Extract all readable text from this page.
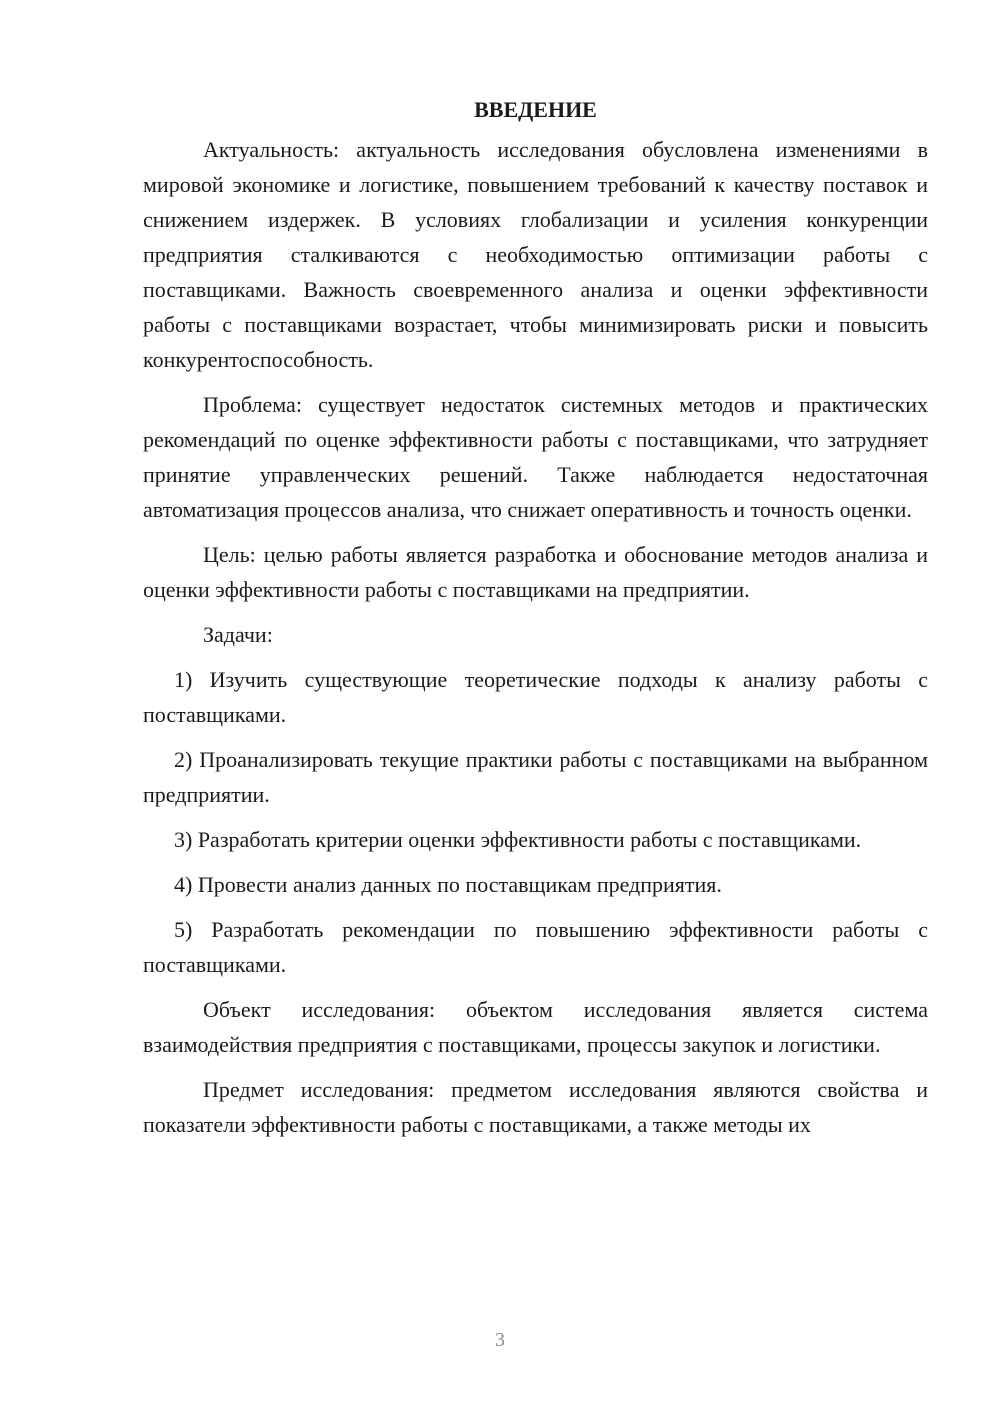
ВВЕДЕНИЕ

Актуальность: актуальность исследования обусловлена изменениями в мировой экономике и логистике, повышением требований к качеству поставок и снижением издержек. В условиях глобализации и усиления конкуренции предприятия сталкиваются с необходимостью оптимизации работы с поставщиками. Важность своевременного анализа и оценки эффективности работы с поставщиками возрастает, чтобы минимизировать риски и повысить конкурентоспособность.

Проблема: существует недостаток системных методов и практических рекомендаций по оценке эффективности работы с поставщиками, что затрудняет принятие управленческих решений. Также наблюдается недостаточная автоматизация процессов анализа, что снижает оперативность и точность оценки.

Цель: целью работы является разработка и обоснование методов анализа и оценки эффективности работы с поставщиками на предприятии.

Задачи:

1) Изучить существующие теоретические подходы к анализу работы с поставщиками.

2) Проанализировать текущие практики работы с поставщиками на выбранном предприятии.

3) Разработать критерии оценки эффективности работы с поставщиками.

4) Провести анализ данных по поставщикам предприятия.

5) Разработать рекомендации по повышению эффективности работы с поставщиками.

Объект исследования: объектом исследования является система взаимодействия предприятия с поставщиками, процессы закупок и логистики.

Предмет исследования: предметом исследования являются свойства и показатели эффективности работы с поставщиками, а также методы их

3
